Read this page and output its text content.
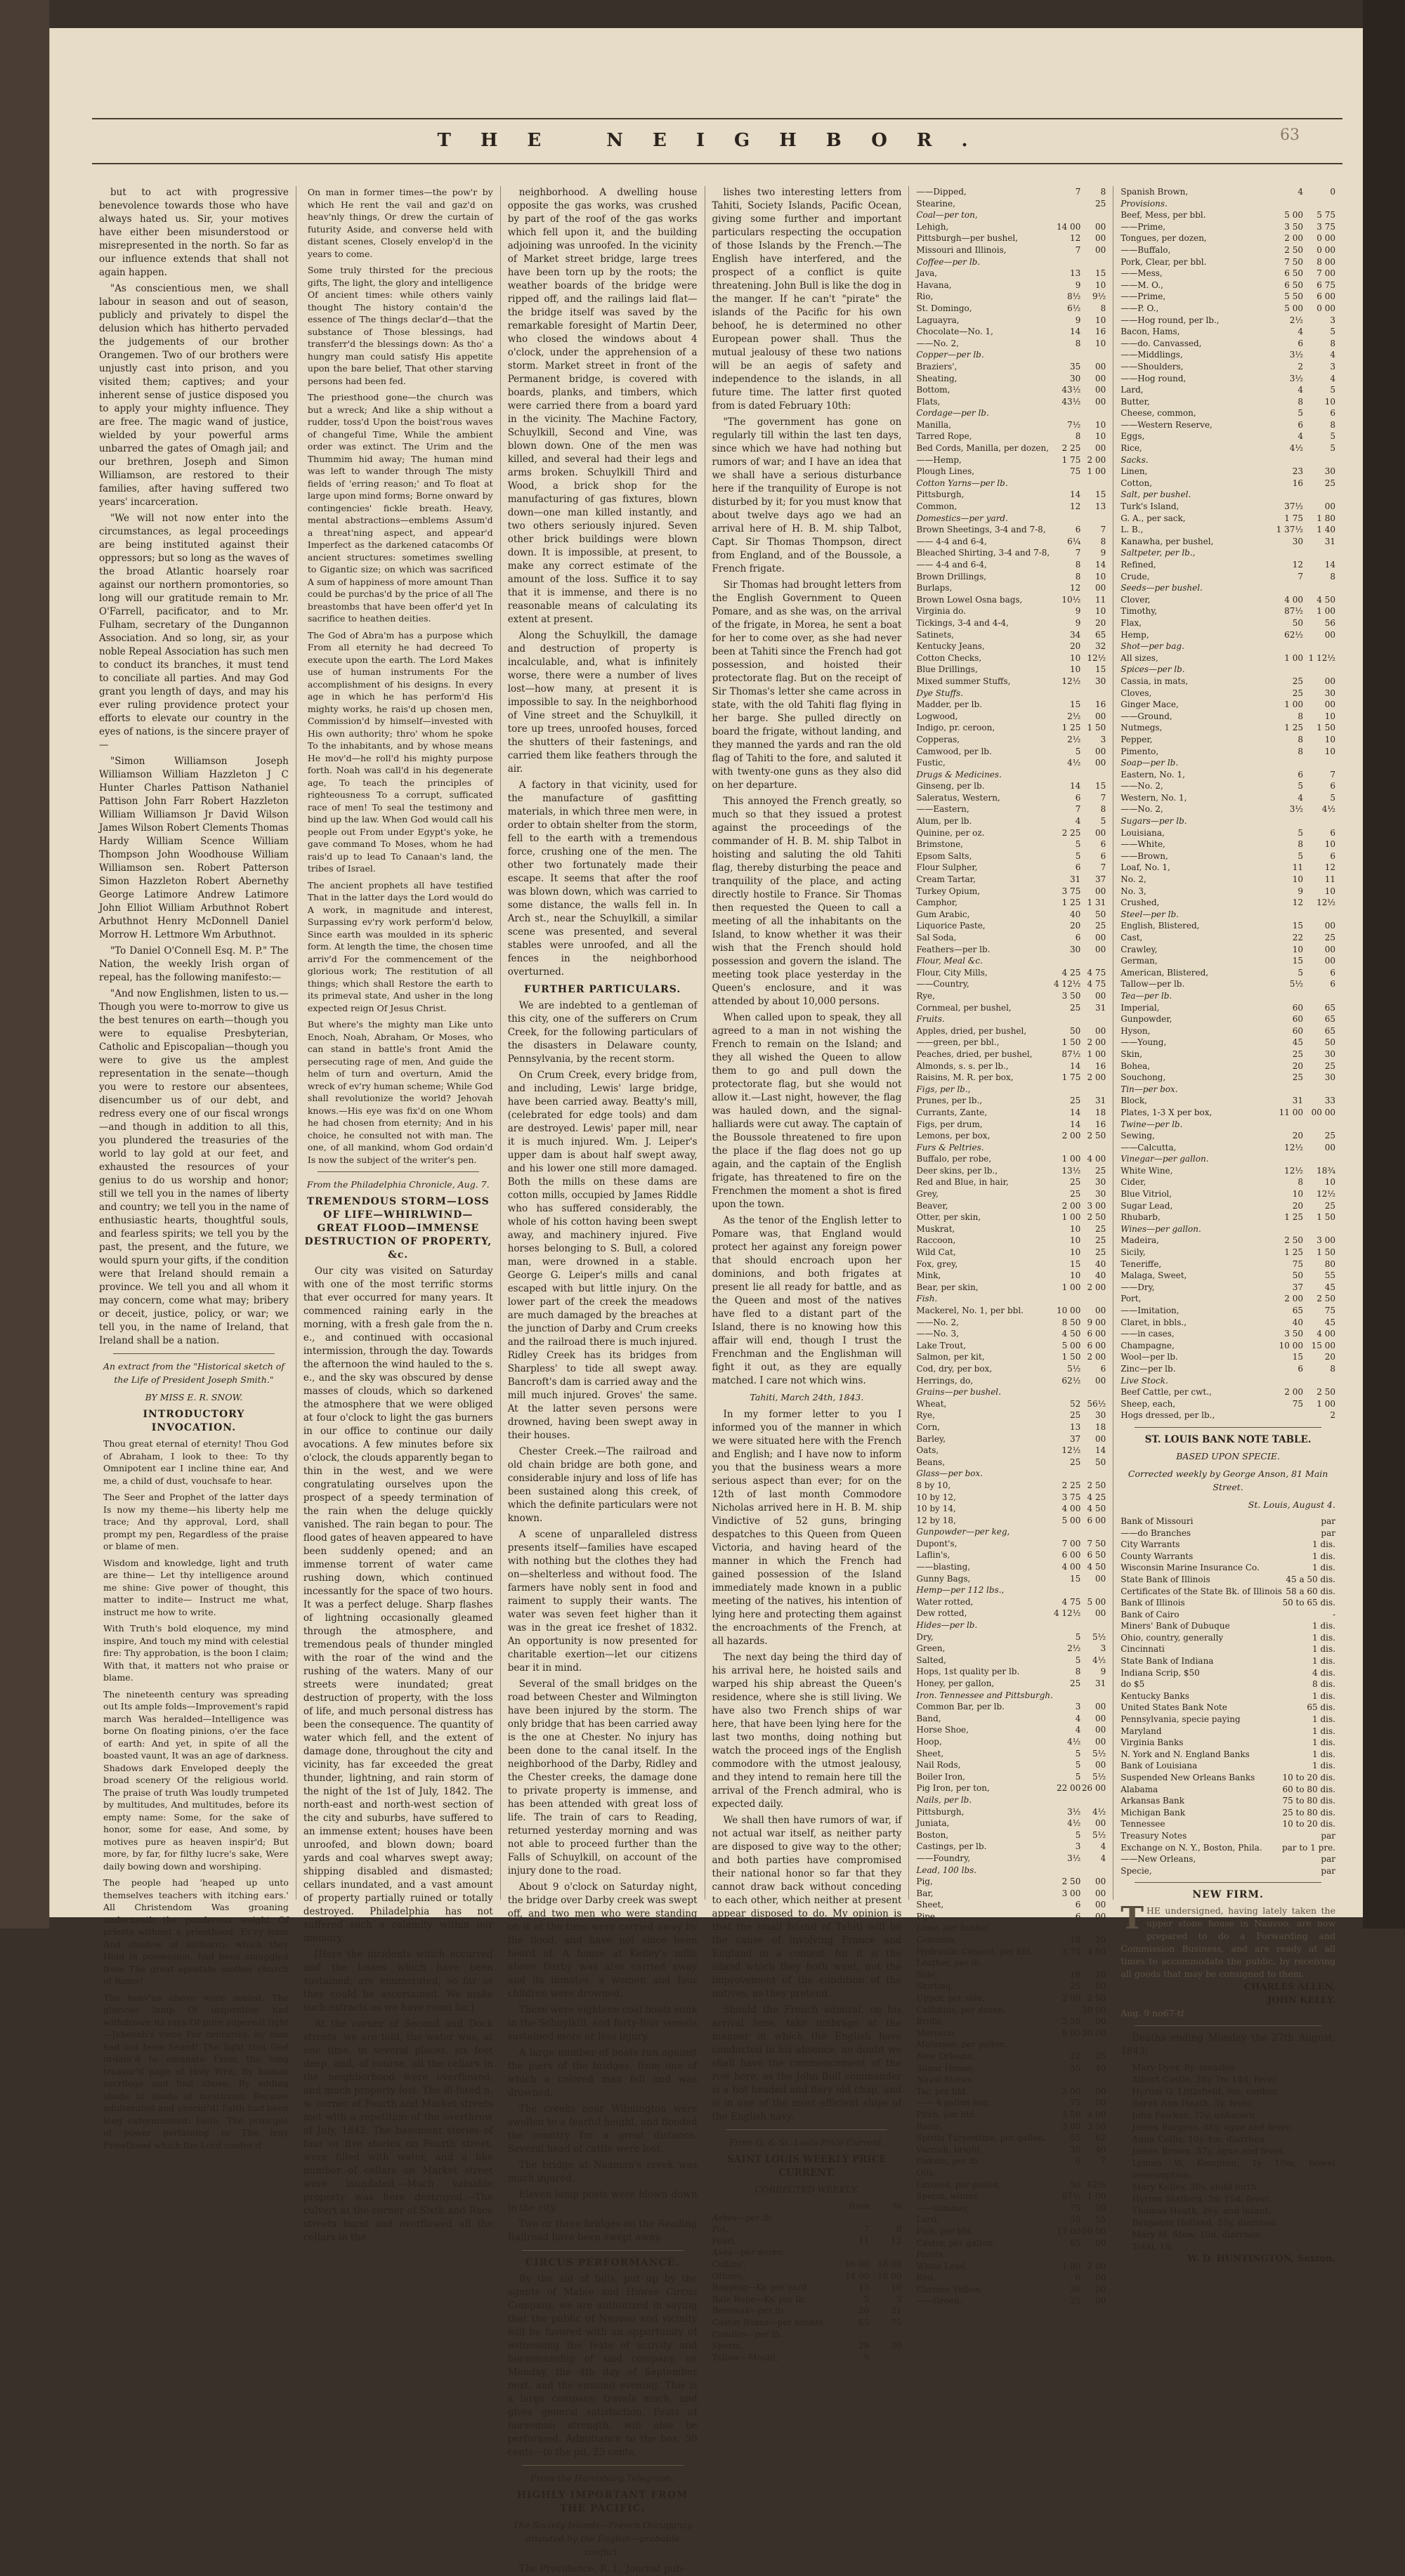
THE NEIGHBOR.	63

but to act with progressive benevolence towards those who have always hated us. Sir, your motives have either been misunderstood or misrepresented in the north. So far as our influence extends that shall not again happen.

"As conscientious men, we shall labour in season and out of season, publicly and privately to dispel the delusion which has hitherto pervaded the judgements of our brother Orangemen. Two of our brothers were unjustly cast into prison, and you visited them; captives; and your inherent sense of justice disposed you to apply your mighty influence. They are free. The magic wand of justice, wielded by your powerful arms unbarred the gates of Omagh jail; and our brethren, Joseph and Simon Williamson, are restored to their families, after having suffered two years' incarceration.

"We will not now enter into the circumstances, as legal proceedings are being instituted against their oppressors; but so long as the waves of the broad Atlantic hoarsely roar against our northern promontories, so long will our gratitude remain to Mr. O'Farrell, pacificator, and to Mr. Fulham, secretary of the Dungannon Association. And so long, sir, as your noble Repeal Association has such men to conduct its branches, it must tend to conciliate all parties. And may God grant you length of days, and may his ever ruling providence protect your efforts to elevate our country in the eyes of nations, is the sincere prayer of—

"Simon Williamson Joseph Williamson William Hazzleton J C Hunter Charles Pattison Nathaniel Pattison John Farr Robert Hazzleton William Williamson Jr David Wilson James Wilson Robert Clements Thomas Hardy William Scence William Thompson John Woodhouse William Williamson sen. Robert Patterson Simon Hazzleton Robert Abernethy George Latimore Andrew Latimore John Elliot William Arbuthnot Robert Arbuthnot Henry McDonnell Daniel Morrow H. Lettmore Wm Arbuthnot.

"To Daniel O'Connell Esq. M. P." The Nation, the weekly Irish organ of repeal, has the following manifesto:—

"And now Englishmen, listen to us.—Though you were to-morrow to give us the best tenures on earth—though you were to equalise Presbyterian, Catholic and Episcopalian—though you were to give us the amplest representation in the senate—though you were to restore our absentees, disencumber us of our debt, and redress every one of our fiscal wrongs—and though in addition to all this, you plundered the treasuries of the world to lay gold at our feet, and exhausted the resources of your genius to do us worship and honor; still we tell you in the names of liberty and country; we tell you in the name of enthusiastic hearts, thoughtful souls, and fearless spirits; we tell you by the past, the present, and the future, we would spurn your gifts, if the condition were that Ireland should remain a province. We tell you and all whom it may concern, come what may; bribery or deceit, justice, policy, or war; we tell you, in the name of Ireland, that Ireland shall be a nation.

An extract from the "Historical sketch of the Life of President Joseph Smith."
BY MISS E. R. SNOW.
INTRODUCTORY INVOCATION.
Thou great eternal of eternity! Thou God of Abraham, I look to thee: To thy Omnipotent ear I incline thine ear, And me, a child of dust, vouchsafe to hear.
The Seer and Prophet of the latter days Is now my theme—his liberty help me trace; And thy approval, Lord, shall prompt my pen, Regardless of the praise or blame of men.
Wisdom and knowledge, light and truth are thine— Let thy intelligence around me shine: Give power of thought, this matter to indite— Instruct me what, instruct me how to write.
With Truth's bold eloquence, my mind inspire, And touch my mind with celestial fire: Thy approbation, is the boon I claim; With that, it matters not who praise or blame.
The nineteenth century was spreading out Its ample folds—Improvement's rapid march Was heralded—Intelligence was borne On floating pinions, o'er the face of earth: And yet, in spite of all the boasted vaunt, It was an age of darkness. Shadows dark Enveloped deeply the broad scenery Of the religious world. The praise of truth Was loudly trumpeted by multitudes, And multitudes, before its empty name: Some, for the sake of honor, some for ease, And some, by motives pure as heaven inspir'd; But more, by far, for filthy lucre's sake, Were daily bowing down and worshiping.
The people had 'heaped up unto themselves teachers with itching ears.' All Christendom Was groaning underneath the ponderous weight Of priests without a priesthood. Ev'ry form And shadow of authority, which they Held in possession, had been smuggled from The great apostate mother church of Rome!
The heav'ns above were sealed. The glorious lamp Of inspiration had withdrawn its rays Of pure supernal light—Jehovah's voice For centuries, by man had not been heard! The light that God ordain'd to emanate From the long treasur'd page of Holy Writ; By human sacrilege and foul abuse, By adding shade to shade of mysticism; Became adulterated and obscur'd! Faith had been long exterminated: Faith, The principle of power pertaining to The holy Priesthood which the Lord confer'd
On man in former times—the pow'r by which He rent the vail and gaz'd on heav'nly things, Or drew the curtain of futurity Aside, and converse held with distant scenes, Closely envelop'd in the years to come.
Some truly thirsted for the precious gifts, The light, the glory and intelligence Of ancient times: while others vainly thought The history contain'd the essence of The things declar'd—that the substance of Those blessings, had transferr'd the blessings down: As tho' a hungry man could satisfy His appetite upon the bare belief, That other starving persons had been fed.
The priesthood gone—the church was but a wreck; And like a ship without a rudder, toss'd Upon the boist'rous waves of changeful Time, While the ambient order was extinct. The Urim and the Thummim hid away; The human mind was left to wander through The misty fields of 'erring reason;' and To float at large upon mind forms; Borne onward by contingencies' fickle breath. Heavy, mental abstractions—emblems Assum'd a threat'ning aspect, and appear'd Imperfect as the darkened catacombs Of ancient structures: sometimes swelling to Gigantic size; on which was sacrificed A sum of happiness of more amount Than could be purchas'd by the price of all The breastombs that have been offer'd yet In sacrifice to heathen deities.
The God of Abra'm has a purpose which From all eternity he had decreed To execute upon the earth. The Lord Makes use of human instruments For the accomplishment of his designs. In every age in which he has perform'd His mighty works, he rais'd up chosen men, Commission'd by himself—invested with His own authority; thro' whom he spoke To the inhabitants, and by whose means He mov'd—he roll'd his mighty purpose forth. Noah was call'd in his degenerate age, To teach the principles of righteousness To a corrupt, sufficated race of men! To seal the testimony and bind up the law. When God would call his people out From under Egypt's yoke, he gave command To Moses, whom he had rais'd up to lead To Canaan's land, the tribes of Israel.
The ancient prophets all have testified That in the latter days the Lord would do A work, in magnitude and interest, Surpassing ev'ry work perform'd below, Since earth was moulded in its spheric form. At length the time, the chosen time arriv'd For the commencement of the glorious work; The restitution of all things; which shall Restore the earth to its primeval state, And usher in the long expected reign Of Jesus Christ.
But where's the mighty man Like unto Enoch, Noah, Abraham, Or Moses, who can stand in battle's front Amid the persecuting rage of men, And guide the helm of turn and overturn, Amid the wreck of ev'ry human scheme; While God shall revolutionize the world? Jehovah knows.—His eye was fix'd on one Whom he had chosen from eternity; And in his choice, he consulted not with man. The one, of all mankind, whom God ordain'd Is now the subject of the writer's pen.
From the Philadelphia Chronicle, Aug. 7.
TREMENDOUS STORM—LOSS OF LIFE—WHIRLWIND—GREAT FLOOD—IMMENSE DESTRUCTION OF PROPERTY, &c.

Our city was visited on Saturday with one of the most terrific storms that ever occurred for many years. It commenced raining early in the morning, with a fresh gale from the n. e., and continued with occasional intermission, through the day. Towards the afternoon the wind hauled to the s. e., and the sky was obscured by dense masses of clouds, which so darkened the atmosphere that we were obliged at four o'clock to light the gas burners in our office to continue our daily avocations. A few minutes before six o'clock, the clouds apparently began to thin in the west, and we were congratulating ourselves upon the prospect of a speedy termination of the rain when the deluge quickly vanished. The rain began to pour. The flood gates of heaven appeared to have been suddenly opened; and an immense torrent of water came rushing down, which continued incessantly for the space of two hours. It was a perfect deluge. Sharp flashes of lightning occasionally gleamed through the atmosphere, and tremendous peals of thunder mingled with the roar of the wind and the rushing of the waters. Many of our streets were inundated; great destruction of property, with the loss of life, and much personal distress has been the consequence. The quantity of water which fell, and the extent of damage done, throughout the city and vicinity, has far exceeded the great thunder, lightning, and rain storm of the night of the 1st of July, 1842. The north-east and north-west section of the city and suburbs, have suffered to an immense extent; houses have been unroofed, and blown down; board yards and coal wharves swept away; shipping disabled and dismasted; cellars inundated, and a vast amount of property partially ruined or totally destroyed. Philadelphia has not suffered such a calamity within our memory.

[Here the incidents which occurred and the losses which have been sustained; are enumerated, so far as they could be ascertained. We make such extracts as we have room for.]

At the corner of Second and Dock streets, we are told, the water was, at one time, in several places, six feet deep, and, of course, all the cellars in the neighborhood were overflowed, and much property lost. The ill-fated n. w. corner of Fourth and Market streets met with a repetition of the overthrow of July, 1842. The basement stories of four or five stories on Fourth street, were filled with water, and a like number of cellars on Market street were inundated.—Much valuable property was here destroyed.—The culvert at the corner of Sixth and Race streets burst and overflowed all the cellars in the

neighborhood. A dwelling house opposite the gas works, was crushed by part of the roof of the gas works which fell upon it, and the building adjoining was unroofed. In the vicinity of Market street bridge, large trees have been torn up by the roots; the weather boards of the bridge were ripped off, and the railings laid flat—the bridge itself was saved by the remarkable foresight of Martin Deer, who closed the windows about 4 o'clock, under the apprehension of a storm. Market street in front of the Permanent bridge, is covered with boards, planks, and timbers, which were carried there from a board yard in the vicinity. The Machine Factory, Schuylkill, Second and Vine, was blown down. One of the men was killed, and several had their legs and arms broken. Schuylkill Third and Wood, a brick shop for the manufacturing of gas fixtures, blown down—one man killed instantly, and two others seriously injured. Seven other brick buildings were blown down. It is impossible, at present, to make any correct estimate of the amount of the loss. Suffice it to say that it is immense, and there is no reasonable means of calculating its extent at present.

Along the Schuylkill, the damage and destruction of property is incalculable, and, what is infinitely worse, there were a number of lives lost—how many, at present it is impossible to say. In the neighborhood of Vine street and the Schuylkill, it tore up trees, unroofed houses, forced the shutters of their fastenings, and carried them like feathers through the air.

A factory in that vicinity, used for the manufacture of gasfitting materials, in which three men were, in order to obtain shelter from the storm, fell to the earth with a tremendous force, crushing one of the men. The other two fortunately made their escape. It seems that after the roof was blown down, which was carried to some distance, the walls fell in. In Arch st., near the Schuylkill, a similar scene was presented, and several stables were unroofed, and all the fences in the neighborhood overturned.

FURTHER PARTICULARS.

We are indebted to a gentleman of this city, one of the sufferers on Crum Creek, for the following particulars of the disasters in Delaware county, Pennsylvania, by the recent storm.

On Crum Creek, every bridge from, and including, Lewis' large bridge, have been carried away. Beatty's mill, (celebrated for edge tools) and dam are destroyed. Lewis' paper mill, near it is much injured. Wm. J. Leiper's upper dam is about half swept away, and his lower one still more damaged. Both the mills on these dams are cotton mills, occupied by James Riddle who has suffered considerably, the whole of his cotton having been swept away, and machinery injured. Five horses belonging to S. Bull, a colored man, were drowned in a stable. George G. Leiper's mills and canal escaped with but little injury. On the lower part of the creek the meadows are much damaged by the breaches at the junction of Darby and Crum creeks and the railroad there is much injured. Ridley Creek has its bridges from Sharpless' to tide all swept away. Bancroft's dam is carried away and the mill much injured. Groves' the same. At the latter seven persons were drowned, having been swept away in their houses.

Chester Creek.—The railroad and old chain bridge are both gone, and considerable injury and loss of life has been sustained along this creek, of which the definite particulars were not known.

A scene of unparalleled distress presents itself—families have escaped with nothing but the clothes they had on—shelterless and without food. The farmers have nobly sent in food and raiment to supply their wants. The water was seven feet higher than it was in the great ice freshet of 1832. An opportunity is now presented for charitable exertion—let our citizens bear it in mind.

Several of the small bridges on the road between Chester and Wilmington have been injured by the storm. The only bridge that has been carried away is the one at Chester. No injury has been done to the canal itself. In the neighborhood of the Darby, Ridley and the Chester creeks, the damage done to private property is immense, and has been attended with great loss of life. The train of cars to Reading, returned yesterday morning and was not able to proceed further than the Falls of Schuylkill, on account of the injury done to the road.

About 9 o'clock on Saturday night, the bridge over Darby creek was swept off, and two men who were standing on it at the time were carried away by the flood, and have not since been heard of. A house at Kelley's mills above Darby was also carried away and its inmates, a women and four children were drowned.

There were eighteen coal boats sunk in the Schuylkill, and forty-four vessels sustained more or less injury.

A large number of boats run against the piers of the bridges, from one of which a colored man fell and was drowned.

The creeks near Wilmington were swollen to a fearful height, and flooded the country for a great distance. Several head of cattle were lost.

The bridge at Naaman's creek was much injured.

Eleven lamp posts were blown down in the city.

Two or three bridges on the Reading Railroad have been swept away.

CIRCUS PERFORMANCE.

By the aid of bills, put up by the agents of Mabie and Howes Circus Company, we are authorized in saying that the public of Nauvoo and vicinity will be favored with an opportunity of witnessing the feats of activity and horsemanship of said company, on Monday, the 4th day of September next, and the ensuing evening. This is a large company, travels much, and gives general satisfaction. Feats of horseman strength, will also be performed. Admittance to the box, 50 cents—to the pit, 25 cents.

From the Harrisburg Telegraph.
HIGHLY IMPORTANT FROM THE PACIFIC.
The Society Islands—French Occupancy disputed by the English—probable conflict.

The Providence, R. I., Journal pub-

lishes two interesting letters from Tahiti, Society Islands, Pacific Ocean, giving some further and important particulars respecting the occupation of those Islands by the French.—The English have interfered, and the prospect of a conflict is quite threatening. John Bull is like the dog in the manger. If he can't "pirate" the islands of the Pacific for his own behoof, he is determined no other European power shall. Thus the mutual jealousy of these two nations will be an aegis of safety and independence to the islands, in all future time. The latter first quoted from is dated February 10th:

"The government has gone on regularly till within the last ten days, since which we have had nothing but rumors of war; and I have an idea that we shall have a serious disturbance here if the tranquility of Europe is not disturbed by it; for you must know that about twelve days ago we had an arrival here of H. B. M. ship Talbot, Capt. Sir Thomas Thompson, direct from England, and of the Boussole, a French frigate.

Sir Thomas had brought letters from the English Government to Queen Pomare, and as she was, on the arrival of the frigate, in Morea, he sent a boat for her to come over, as she had never been at Tahiti since the French had got possession, and hoisted their protectorate flag. But on the receipt of Sir Thomas's letter she came across in state, with the old Tahiti flag flying in her barge. She pulled directly on board the frigate, without landing, and they manned the yards and ran the old flag of Tahiti to the fore, and saluted it with twenty-one guns as they also did on her departure.

This annoyed the French greatly, so much so that they issued a protest against the proceedings of the commander of H. B. M. ship Talbot in hoisting and saluting the old Tahiti flag, thereby disturbing the peace and tranquility of the place, and acting directly hostile to France. Sir Thomas then requested the Queen to call a meeting of all the inhabitants on the Island, to know whether it was their wish that the French should hold possession and govern the island. The meeting took place yesterday in the Queen's enclosure, and it was attended by about 10,000 persons.

When called upon to speak, they all agreed to a man in not wishing the French to remain on the Island; and they all wished the Queen to allow them to go and pull down the protectorate flag, but she would not allow it.—Last night, however, the flag was hauled down, and the signal-halliards were cut away. The captain of the Boussole threatened to fire upon the place if the flag does not go up again, and the captain of the English frigate, has threatened to fire on the Frenchmen the moment a shot is fired upon the town.

As the tenor of the English letter to Pomare was, that England would protect her against any foreign power that should encroach upon her dominions, and both frigates at present lie all ready for battle, and as the Queen and most of the natives have fled to a distant part of the Island, there is no knowing how this affair will end, though I trust the Frenchman and the Englishman will fight it out, as they are equally matched. I care not which wins.

Tahiti, March 24th, 1843.

In my former letter to you I informed you of the manner in which we were situated here with the French and English; and I have now to inform you that the business wears a more serious aspect than ever; for on the 12th of last month Commodore Nicholas arrived here in H. B. M. ship Vindictive of 52 guns, bringing despatches to this Queen from Queen Victoria, and having heard of the manner in which the French had gained possession of the Island immediately made known in a public meeting of the natives, his intention of lying here and protecting them against the encroachments of the French, at all hazards.

The next day being the third day of his arrival here, he hoisted sails and warped his ship abreast the Queen's residence, where she is still living. We have also two French ships of war here, that have been lying here for the last two months, doing nothing but watch the proceed ings of the English commodore with the utmost jealousy, and they intend to remain here till the arrival of the French admiral, who is expected daily.

We shall then have rumors of war, if not actual war itself, as neither party are disposed to give way to the other; and both parties have compromised their national honor so far that they cannot draw back without conceding to each other, which neither at present appear disposed to do. My opinion is that the small Island of Tahiti will be the cause of involving France and England in a contest; for it is the island which they both want, not the improvement of the condition of the natives, as they pretend.

Should the French admiral, on his arrival here, take umbrage at the manner in which the English have conducted in his absence, no doubt we shall have the commencement of the row here, as the John Bull commander is a hot headed and fiery old chap, and is in one of the most efficient ships of the English navy.

From G. & St. Louis Price Current.
SAINT LOUIS WEEKLY PRICE CURRENT.
CORRECTED WEEKLY.
	from	to
Ashes—per lb.		
Pot,	7	8
Pearl,	11	12
Axes—per dozen.		
Collins',	16 00	18 00
Others,	14 00	18 00
Bagging—Ky. per yard.	15	16
Bale Rope—Ky. per lb.	5	5
Beeswax—per lb.	20	21
Castor Beans—per bushel.	65	75
Candles—per lb.		
Sperm,	28	30
Tallow—Mould,	9	
——Dipped,	7	8
Stearine,		25
Coal—per ton,		
Lehigh,	14 00	00
Pittsburgh—per bushel,	12	00
Missouri and Illinois,	7	00
Coffee—per lb.		
Java,	13	15
Havana,	9	10
Rio,	8½	9½
St. Domingo,	6½	8
Laguayra,	9	10
Chocolate—No. 1,	14	16
——No. 2,	8	10
Copper—per lb.		
Braziers',	35	00
Sheating,	30	00
Bottom,	43½	00
Flats,	43½	00
Cordage—per lb.		
Manilla,	7½	10
Tarred Rope,	8	10
Bed Cords, Manilla, per dozen,	2 25	00
——Hemp,	1 75	2 00
Plough Lines,	75	1 00
Cotton Yarns—per lb.		
Pittsburgh,	14	15
Common,	12	13
Domestics—per yard.		
Brown Sheetings, 3-4 and 7-8,	6	7
—— 4-4 and 6-4,	6¼	8
Bleached Shirting, 3-4 and 7-8,	7	9
—— 4-4 and 6-4,	8	14
Brown Drillings,	8	10
Burlaps,	12	00
Brown Lowel Osna bags,	10½	11
Virginia do.	9	10
Tickings, 3-4 and 4-4,	9	20
Satinets,	34	65
Kentucky Jeans,	20	32
Cotton Checks,	10	12½
Blue Drillings,	10	15
Mixed summer Stuffs,	12½	30
Dye Stuffs.		
Madder, per lb.	15	16
Logwood,	2½	00
Indigo, pr. ceroon,	1 25	1 50
Copperas,	2½	3
Camwood, per lb.	5	00
Fustic,	4½	00
Drugs & Medicines.		
Ginseng, per lb.	14	15
Saleratus, Western,	6	7
——Eastern,	7	8
Alum, per lb.	4	5
Quinine, per oz.	2 25	00
Brimstone,	5	6
Epsom Salts,	5	6
Flour Sulpher,	6	7
Cream Tartar,	31	37
Turkey Opium,	3 75	00
Camphor,	1 25	1 31
Gum Arabic,	40	50
Liquorice Paste,	20	25
Sal Soda,	6	00
Feathers—per lb.	30	00
Flour, Meal &c.		
Flour, City Mills,	4 25	4 75
——Country,	4 12½	4 75
Rye,	3 50	00
Cornmeal, per bushel,	25	31
Fruits.		
Apples, dried, per bushel,	50	00
——green, per bbl.,	1 50	2 00
Peaches, dried, per bushel,	87½	1 00
Almonds, s. s. per lb.,	14	16
Raisins, M. R. per box,	1 75	2 00
Figs, per lb.,		
Prunes, per lb.,	25	31
Currants, Zante,	14	18
Figs, per drum,	14	16
Lemons, per box,	2 00	2 50
Furs & Peltries.		
Buffalo, per robe,	1 00	4 00
Deer skins, per lb.,	13½	25
Red and Blue, in hair,	25	30
Grey,	25	30
Beaver,	2 00	3 00
Otter, per skin,	1 00	2 50
Muskrat,	10	25
Raccoon,	10	25
Wild Cat,	10	25
Fox, grey,	15	40
Mink,	10	40
Bear, per skin,	1 00	2 00
Fish.		
Mackerel, No. 1, per bbl.	10 00	00
——No. 2,	8 50	9 00
——No. 3,	4 50	6 00
Lake Trout,	5 00	6 00
Salmon, per kit,	1 50	2 00
Cod, dry, per box,	5½	6
Herrings, do,	62½	00
Grains—per bushel.		
Wheat,	52	56½
Rye,	25	30
Corn,	13	18
Barley,	37	00
Oats,	12½	14
Beans,	25	50
Glass—per box.		
8 by 10,	2 25	2 50
10 by 12,	3 75	4 25
10 by 14,	4 00	4 50
12 by 18,	5 00	6 00
Gunpowder—per keg,		
Dupont's,	7 00	7 50
Laflin's,	6 00	6 50
——blasting,	4 00	4 50
Gunny Bags,	15	00
Hemp—per 112 lbs.,		
Water rotted,	4 75	5 00
Dew rotted,	4 12½	00
Hides—per lb.		
Dry,	5	5½
Green,	2½	3
Salted,	5	4½
Hops, 1st quality per lb.	8	9
Honey, per gallon,	25	31
Iron. Tennessee and Pittsburgh.		
Common Bar, per lb.	3	00
Band,	4	00
Horse Shoe,	4	00
Hoop,	4½	00
Sheet,	5	5½
Nail Rods,	5	00
Boiler Iron,	5	5½
Pig Iron, per ton,	22 00	26 00
Nails, per lb.		
Pittsburgh,	3½	4½
Juniata,	4½	00
Boston,	5	5½
Castings, per lb.	3	4
——Foundry,	3½	4
Lead, 100 lbs.		
Pig,	2 50	00
Bar,	3 00	00
Sheet,	6	00
Pipe,	6	00
Lime, per bushel.		
Common,	18	20
Hydraulic Cement, per bbl.	3 75	4 00
Leather, per lb.		
Sole,	18	20
Skirting,	25	00
Upper, per side,	2 00	2 50
Calfskins, per dozen,		30 00
Bridle,	2 50	00
Morocco,	8 00	30 00
Molasses, per gallon.		
New Orleans,	22	25
Sugar House,	35	40
Naval Stores.		
Tar, per bbl.	3 00	00
—— 4 gallon keg,	75	00
Pitch, per bbl.	3 50	4 00
Rosin,	3 00	3 50
Spirits Turpentine, per gallon,	55	62
Varnish, bright,	35	40
Oakum, per lb.	6	7
Oils.		
Linseed, per gallon,	50	62½
Sperm, winter,	87½	1 00
——summer,	75	00
Lard,	50	55
Fish, per bbl.	17 00	00 00
Castor, per gallon,	85	00
Paints.		
White Lead,	1 80	2 00
Red,	6	00
Chrome Yellow,	30	00
——Green,	25	00
Spanish Brown,	4	0
Provisions.		
Beef, Mess, per bbl.	5 00	5 75
——Prime,	3 50	3 75
Tongues, per dozen,	2 00	0 00
——Buffalo,	2 50	0 00
Pork, Clear, per bbl.	7 50	8 00
——Mess,	6 50	7 00
——M. O.,	6 50	6 75
——Prime,	5 50	6 00
——P. O.,	5 00	0 00
——Hog round, per lb.,	2½	3
Bacon, Hams,	4	5
——do. Canvassed,	6	8
——Middlings,	3½	4
——Shoulders,	2	3
——Hog round,	3½	4
Lard,	4	5
Butter,	8	10
Cheese, common,	5	6
——Western Reserve,	6	8
Eggs,	4	5
Rice,	4½	5
Sacks.		
Linen,	23	30
Cotton,	16	25
Salt, per bushel.		
Turk's Island,	37½	00
G. A., per sack,	1 75	1 80
L. B.,	1 37½	1 40
Kanawha, per bushel,	30	31
Saltpeter, per lb.,		
Refined,	12	14
Crude,	7	8
Seeds—per bushel.		
Clover,	4 00	4 50
Timothy,	87½	1 00
Flax,	50	56
Hemp,	62½	00
Shot—per bag.		
All sizes,	1 00	1 12½
Spices—per lb.		
Cassia, in mats,	25	00
Cloves,	25	30
Ginger Mace,	1 00	00
——Ground,	8	10
Nutmegs,	1 25	1 50
Pepper,	8	10
Pimento,	8	10
Soap—per lb.		
Eastern, No. 1,	6	7
——No. 2,	5	6
Western, No. 1,	4	5
——No. 2,	3½	4½
Sugars—per lb.		
Louisiana,	5	6
——White,	8	10
——Brown,	5	6
Loaf, No. 1,	11	12
No. 2,	10	11
No. 3,	9	10
Crushed,	12	12½
Steel—per lb.		
English, Blistered,	15	00
Cast,	22	25
Crawley,	10	00
German,	15	00
American, Blistered,	5	6
Tallow—per lb.	5½	6
Tea—per lb.		
Imperial,	60	65
Gunpowder,	60	65
Hyson,	60	65
——Young,	45	50
Skin,	25	30
Bohea,	20	25
Souchong,	25	30
Tin—per box.		
Block,	31	33
Plates, 1-3 X per box,	11 00	00 00
Twine—per lb.		
Sewing,	20	25
——Calcutta,	12½	00
Vinegar—per gallon.		
White Wine,	12½	18¾
Cider,	8	10
Blue Vitriol,	10	12½
Sugar Lead,	20	25
Rhubarb,	1 25	1 50
Wines—per gallon.		
Madeira,	2 50	3 00
Sicily,	1 25	1 50
Teneriffe,	75	80
Malaga, Sweet,	50	55
——Dry,	37	45
Port,	2 00	2 50
——Imitation,	65	75
Claret, in bbls.,	40	45
——in cases,	3 50	4 00
Champagne,	10 00	15 00
Wool—per lb.	15	20
Zinc—per lb.	6	8
Live Stock.		
Beef Cattle, per cwt.,	2 00	2 50
Sheep, each,	75	1 00
Hogs dressed, per lb.,		2
ST. LOUIS BANK NOTE TABLE.
BASED UPON SPECIE.
Corrected weekly by George Anson, 81 Main Street.
St. Louis, August 4.
Bank of Missouri	par
——do Branches	par
City Warrants	1 dis.
County Warrants	1 dis.
Wisconsin Marine Insurance Co.	1 dis.
State Bank of Illinois	45 a 50 dis.
Certificates of the State Bk. of Illinois	58 a 60 dis.
Bank of Illinois	50 to 65 dis.
Bank of Cairo	-
Miners' Bank of Dubuque	1 dis.
Ohio, country, generally	1 dis.
Cincinnati	1 dis.
State Bank of Indiana	1 dis.
Indiana Scrip, $50	4 dis.
do $5	8 dis.
Kentucky Banks	1 dis.
United States Bank Note	65 dis.
Pennsylvania, specie paying	1 dis.
Maryland	1 dis.
Virginia Banks	1 dis.
N. York and N. England Banks	1 dis.
Bank of Louisiana	1 dis.
Suspended New Orleans Banks	10 to 20 dis.
Alabama	60 to 80 dis.
Arkansas Bank	75 to 80 dis.
Michigan Bank	25 to 80 dis.
Tennessee	10 to 20 dis.
Treasury Notes	par
Exchange on N. Y., Boston, Phila.	par to 1 pre.
——New Orleans,	par
Specie,	par
NEW FIRM.
THE undersigned, having lately taken the upper stone house in Nauvoo, are now prepared to do a Forwarding and Commission Business, and are ready at all times to accommodate the public, by receiving all goods that may be consigned to them.
CHARLES ALLEN,
JOHN KELLY.
Aug. 9 no67-tf

Deaths ending Monday the 27th August, 1843:

Mary Dyer, 8y, measles.
Albert Castle, 28y 7m 14d, fever.
Hyrum O. Littlefield, 9m, canker.
Sarah Ann Heath, 5y, fever.
John Fawkes, 72y, unknown.
James Burgess, 48y, ague and fever.
Anna Collis, 10y 4m, diarrhea.
James Brown, 57y, ague and fever.
Lyman W. Kempton, 1y 10m, bowel consumption.
Mary Kelley, 30y, child birth.
Hyrum Stafford, 3m 15d, fever.
Thomas Heath, 26y, and infant.
Benjamin Holland, 55y, diarrhea.
Mary M. Stow, 10d, diarrhea.
Total, 18.
W. D. HUNTINGTON, Sexton.
